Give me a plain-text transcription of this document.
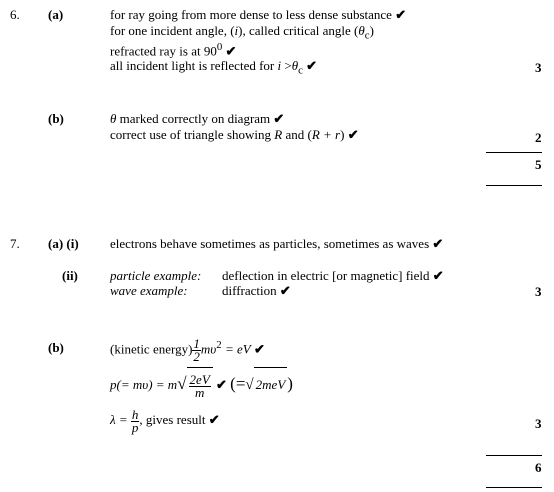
6. (a)	for ray going from more dense to less dense substance ✔
for one incident angle, (i), called critical angle $(\theta_c)$
refracted ray is at $90^0$ ✔
all incident light is reflected for $i >\theta_c$ ✔	3
(b)	θ marked correctly on diagram ✔
correct use of triangle showing R and (R + r) ✔	2
5
7. (a) (i) electrons behave sometimes as particles, sometimes as waves ✔
(ii) particle example: deflection in electric [or magnetic] field ✔
wave example:	diffraction ✔	3
(b)	(kinetic energy) $\frac{1}{2} m\upsilon^2$ = eV ✔
$p(= m\upsilon) = m√ \frac{2eV}{m}$ ✔ (=√ 2meV )
$\lambda = \frac{h}{p}$ , gives result ✔	3
6
